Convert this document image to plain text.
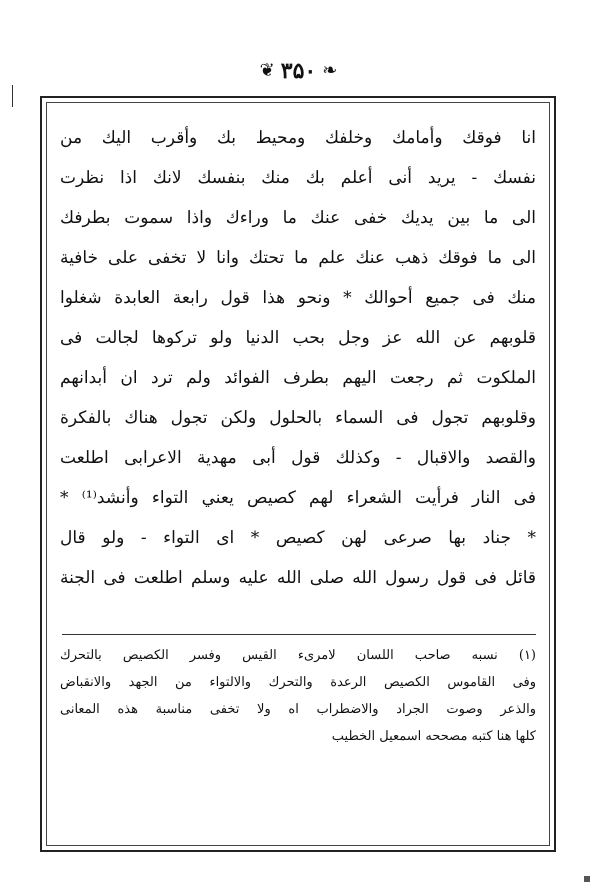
❦ ۳۵۰ ❧
انا فوقك وأمامك وخلفك ومحيط بك وأقرب اليك من
نفسك - يريد أنى أعلم بك منك بنفسك لانك اذا نظرت
الى ما بين يديك خفى عنك ما وراءك واذا سموت بطرفك
الى ما فوقك ذهب عنك علم ما تحتك وانا لا تخفى على خافية
منك فى جميع أحوالك * ونحو هذا قول رابعة العابدة شغلوا
قلوبهم عن الله عز وجل بحب الدنيا ولو تركوها لجالت فى
الملكوت ثم رجعت اليهم بطرف الفوائد ولم ترد ان أبدانهم
وقلوبهم تجول فى السماء بالحلول ولكن تجول هناك بالفكرة
والقصد والاقبال - وكذلك قول أبى مهدية الاعرابى اطلعت
فى النار فرأيت الشعراء لهم كصيص يعني التواء وأنشد⁽¹⁾ *
* جناد بها صرعى لهن كصيص * اى التواء - ولو قال
قائل فى قول رسول الله صلى الله عليه وسلم اطلعت فى الجنة
(١) نسبه صاحب اللسان لامرىء القيس وفسر الكصيص بالتحرك
وفى القاموس الكصيص الرعدة والتحرك والالتواء من الجهد والانقباض
والذعر وصوت الجراد والاضطراب اه ولا تخفى مناسبة هذه المعانى
كلها هنا كتبه مصححه اسمعيل الخطيب
